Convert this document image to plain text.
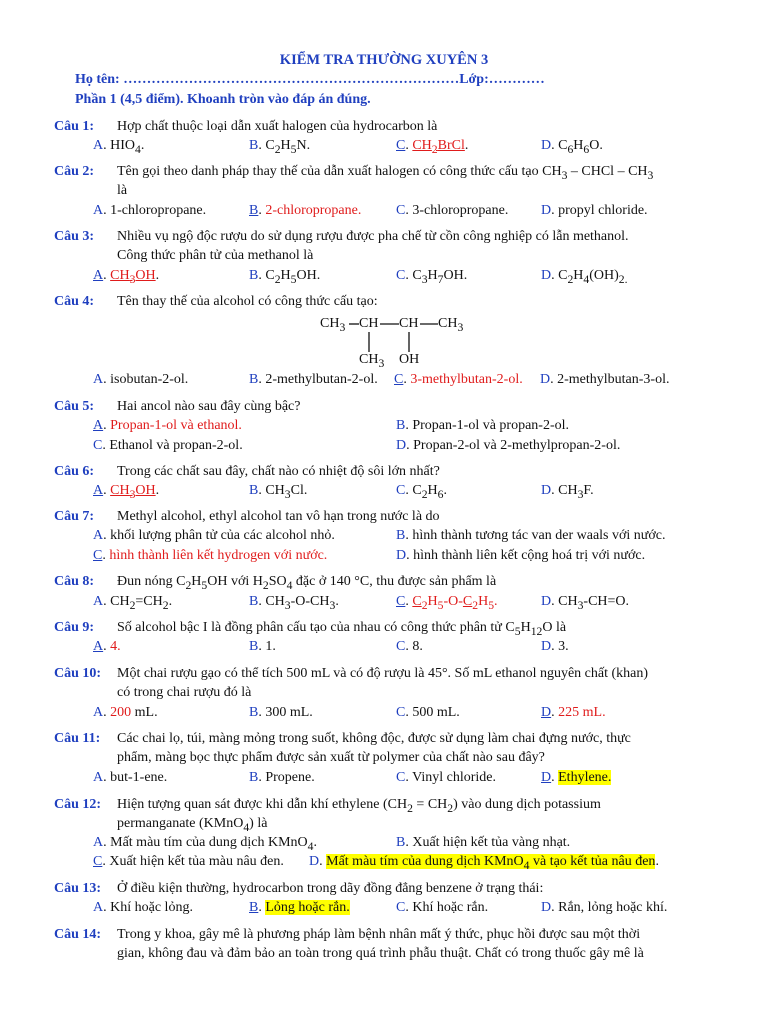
KIỂM TRA THƯỜNG XUYÊN 3
Họ tên: ………………………………………………………………Lớp:…………
Phần 1 (4,5 điểm). Khoanh tròn vào đáp án đúng.
Câu 1: Hợp chất thuộc loại dẫn xuất halogen của hydrocarbon là
A. $HIO_4$.	B. $C_2H_5N$.	C. $CH_2BrCl$.	D. $C_6H_6O$.
Câu 2: Tên gọi theo danh pháp thay thế của dẫn xuất halogen có công thức cấu tạo $CH_3$ – CHCl – $CH_3$
là
A. 1-chloropropane.	B. 2-chloropropane. C. 3-chloropropane. D. propyl chloride.
Câu 3: Nhiều vụ ngộ độc rượu do sử dụng rượu được pha chế từ cồn công nghiệp có lẫn methanol.
Công thức phân tử của methanol là
A. $CH_3OH$.	B. $C_2H_5OH$.	C. $C_3H_7OH$.	D. $C_2H_4(OH)_{2.}$
Câu 4: Tên thay thế của alcohol có công thức cấu tạo:
$CH_3$ CH CH $CH_3$
$CH_3$ OH
A. isobutan-2-ol.	B. 2-methylbutan-2-ol. C. 3-methylbutan-2-ol. D. 2-methylbutan-3-ol.
Câu 5: Hai ancol nào sau đây cùng bậc?
A. Propan-1-ol và ethanol.	B. Propan-1-ol và propan-2-ol.
C. Ethanol và propan-2-ol.	D. Propan-2-ol và 2-methylpropan-2-ol.
Câu 6: Trong các chất sau đây, chất nào có nhiệt độ sôi lớn nhất?
A. $CH_3OH$.	B. $CH_3Cl$.	C. $C_2H_6$.	D. $CH_3F$.
Câu 7: Methyl alcohol, ethyl alcohol tan vô hạn trong nước là do
A. khối lượng phân tử của các alcohol nhỏ.	B. hình thành tương tác van der waals với nước.
C. hình thành liên kết hydrogen với nước.	D. hình thành liên kết cộng hoá trị với nước.
Câu 8: Đun nóng $C_2H_5OH$ với $H_2SO_4$ đặc ở 140 °C, thu được sản phẩm là
A. $CH_2=CH_2$.	B. $CH_3-O-CH_3$.	C. $C_2H_5-O-C_2H_5$.	D. $CH_3-CH=O$.
Câu 9: Số alcohol bậc I là đồng phân cấu tạo của nhau có công thức phân tử $C_5H_{12}O$ là
A. 4.	B. 1.	C. 8.	D. 3.
Câu 10: Một chai rượu gạo có thể tích 500 mL và có độ rượu là 45°. Số mL ethanol nguyên chất (khan)
có trong chai rượu đó là
A. 200 mL.	B. 300 mL.	C. 500 mL.	D. 225 mL.
Câu 11: Các chai lọ, túi, màng mỏng trong suốt, không độc, được sử dụng làm chai đựng nước, thực
phẩm, màng bọc thực phẩm được sản xuất từ polymer của chất nào sau đây?
A. but-1-ene.	B. Propene.	C. Vinyl chloride.	D. Ethylene.
Câu 12: Hiện tượng quan sát được khi dẫn khí ethylene $(CH_2 = CH_2)$ vào dung dịch potassium
permanganate (KMnO$_4$) là
A. Mất màu tím của dung dịch KMnO$_4$.	B. Xuất hiện kết tủa vàng nhạt.
C. Xuất hiện kết tủa màu nâu đen. D. Mất màu tím của dung dịch KMnO$_4$ và tạo kết tủa nâu đen.
Câu 13: Ở điều kiện thường, hydrocarbon trong dãy đồng đẳng benzene ở trạng thái:
A. Khí hoặc lỏng.	B. Lỏng hoặc rắn.	C. Khí hoặc rắn.	D. Rắn, lỏng hoặc khí.
Câu 14: Trong y khoa, gây mê là phương pháp làm bệnh nhân mất ý thức, phục hồi được sau một thời
gian, không đau và đảm bảo an toàn trong quá trình phẫu thuật. Chất có trong thuốc gây mê là
